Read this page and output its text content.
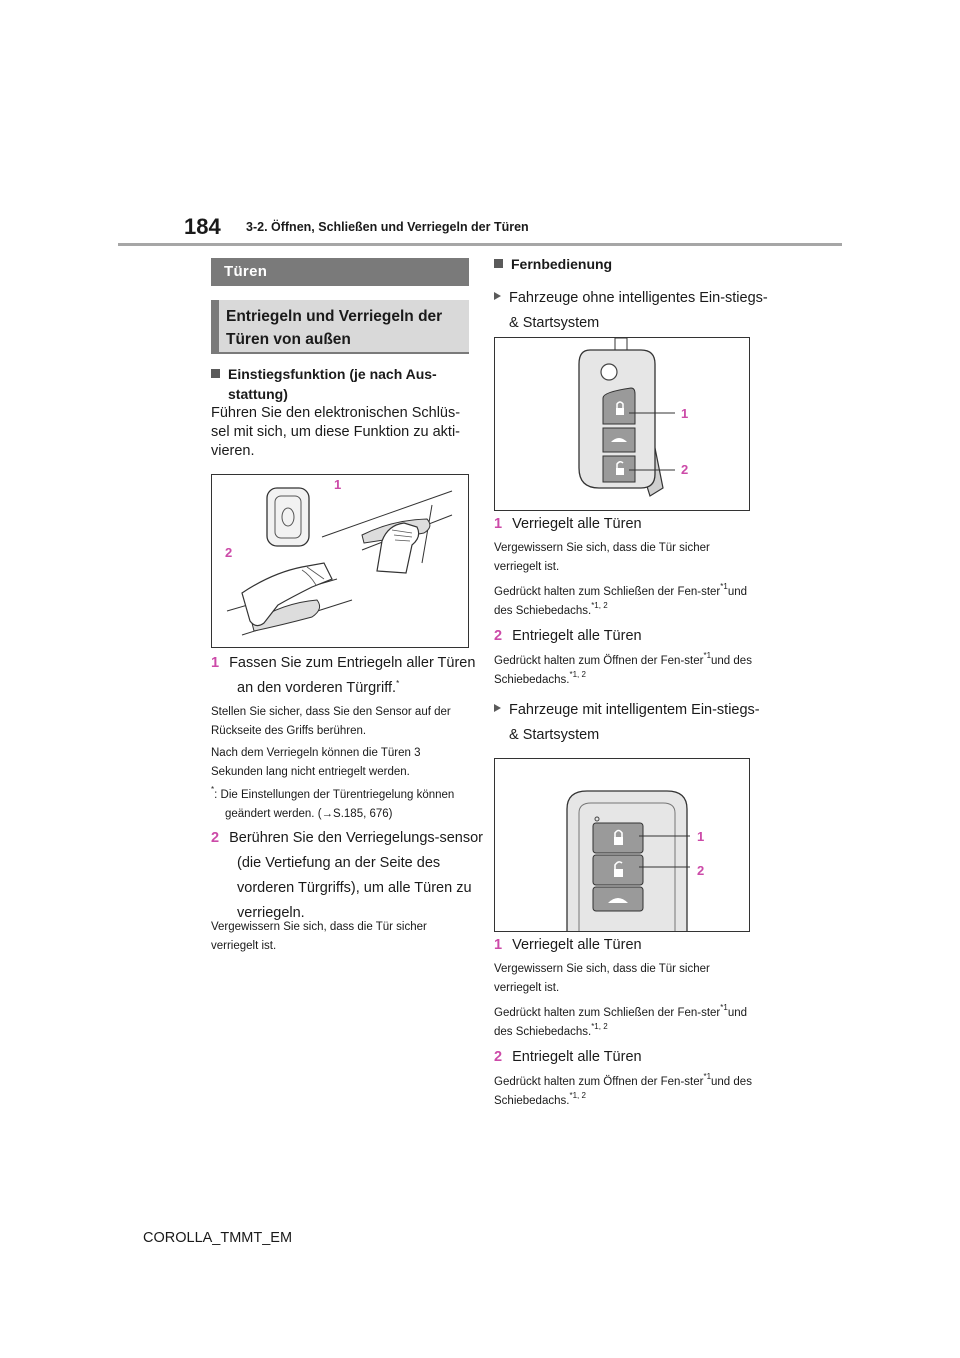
184 3-2. Öffnen, Schließen und Verriegeln der Türen
Türen
Entriegeln und Verriegeln der Türen von außen
Einstiegsfunktion (je nach Aus-stattung)
Führen Sie den elektronischen Schlüs-sel mit sich, um diese Funktion zu akti-vieren.
1
2
1 Fassen Sie zum Entriegeln aller Türen an den vorderen Türgriff.*
Stellen Sie sicher, dass Sie den Sensor auf der Rückseite des Griffs berühren.
Nach dem Verriegeln können die Türen 3 Sekunden lang nicht entriegelt werden.
*: Die Einstellungen der Türentriegelung können geändert werden. (→S.185, 676)
2 Berühren Sie den Verriegelungs-sensor (die Vertiefung an der Seite des vorderen Türgriffs), um alle Türen zu verriegeln.
Vergewissern Sie sich, dass die Tür sicher verriegelt ist.
Fernbedienung
Fahrzeuge ohne intelligentes Ein-stiegs- & Startsystem
1
2
1 Verriegelt alle Türen
Vergewissern Sie sich, dass die Tür sicher verriegelt ist.
Gedrückt halten zum Schließen der Fen-ster$^{*1}$und des Schiebedachs.$^{*1, 2}$
2 Entriegelt alle Türen
Gedrückt halten zum Öffnen der Fen-ster$^{*1}$und des Schiebedachs.$^{*1, 2}$
Fahrzeuge mit intelligentem Ein-stiegs- & Startsystem
1
2
1 Verriegelt alle Türen
Vergewissern Sie sich, dass die Tür sicher verriegelt ist.
Gedrückt halten zum Schließen der Fen-ster$^{*1}$und des Schiebedachs.$^{*1, 2}$
2 Entriegelt alle Türen
Gedrückt halten zum Öffnen der Fen-ster$^{*1}$und des Schiebedachs.$^{*1, 2}$
COROLLA_TMMT_EM
